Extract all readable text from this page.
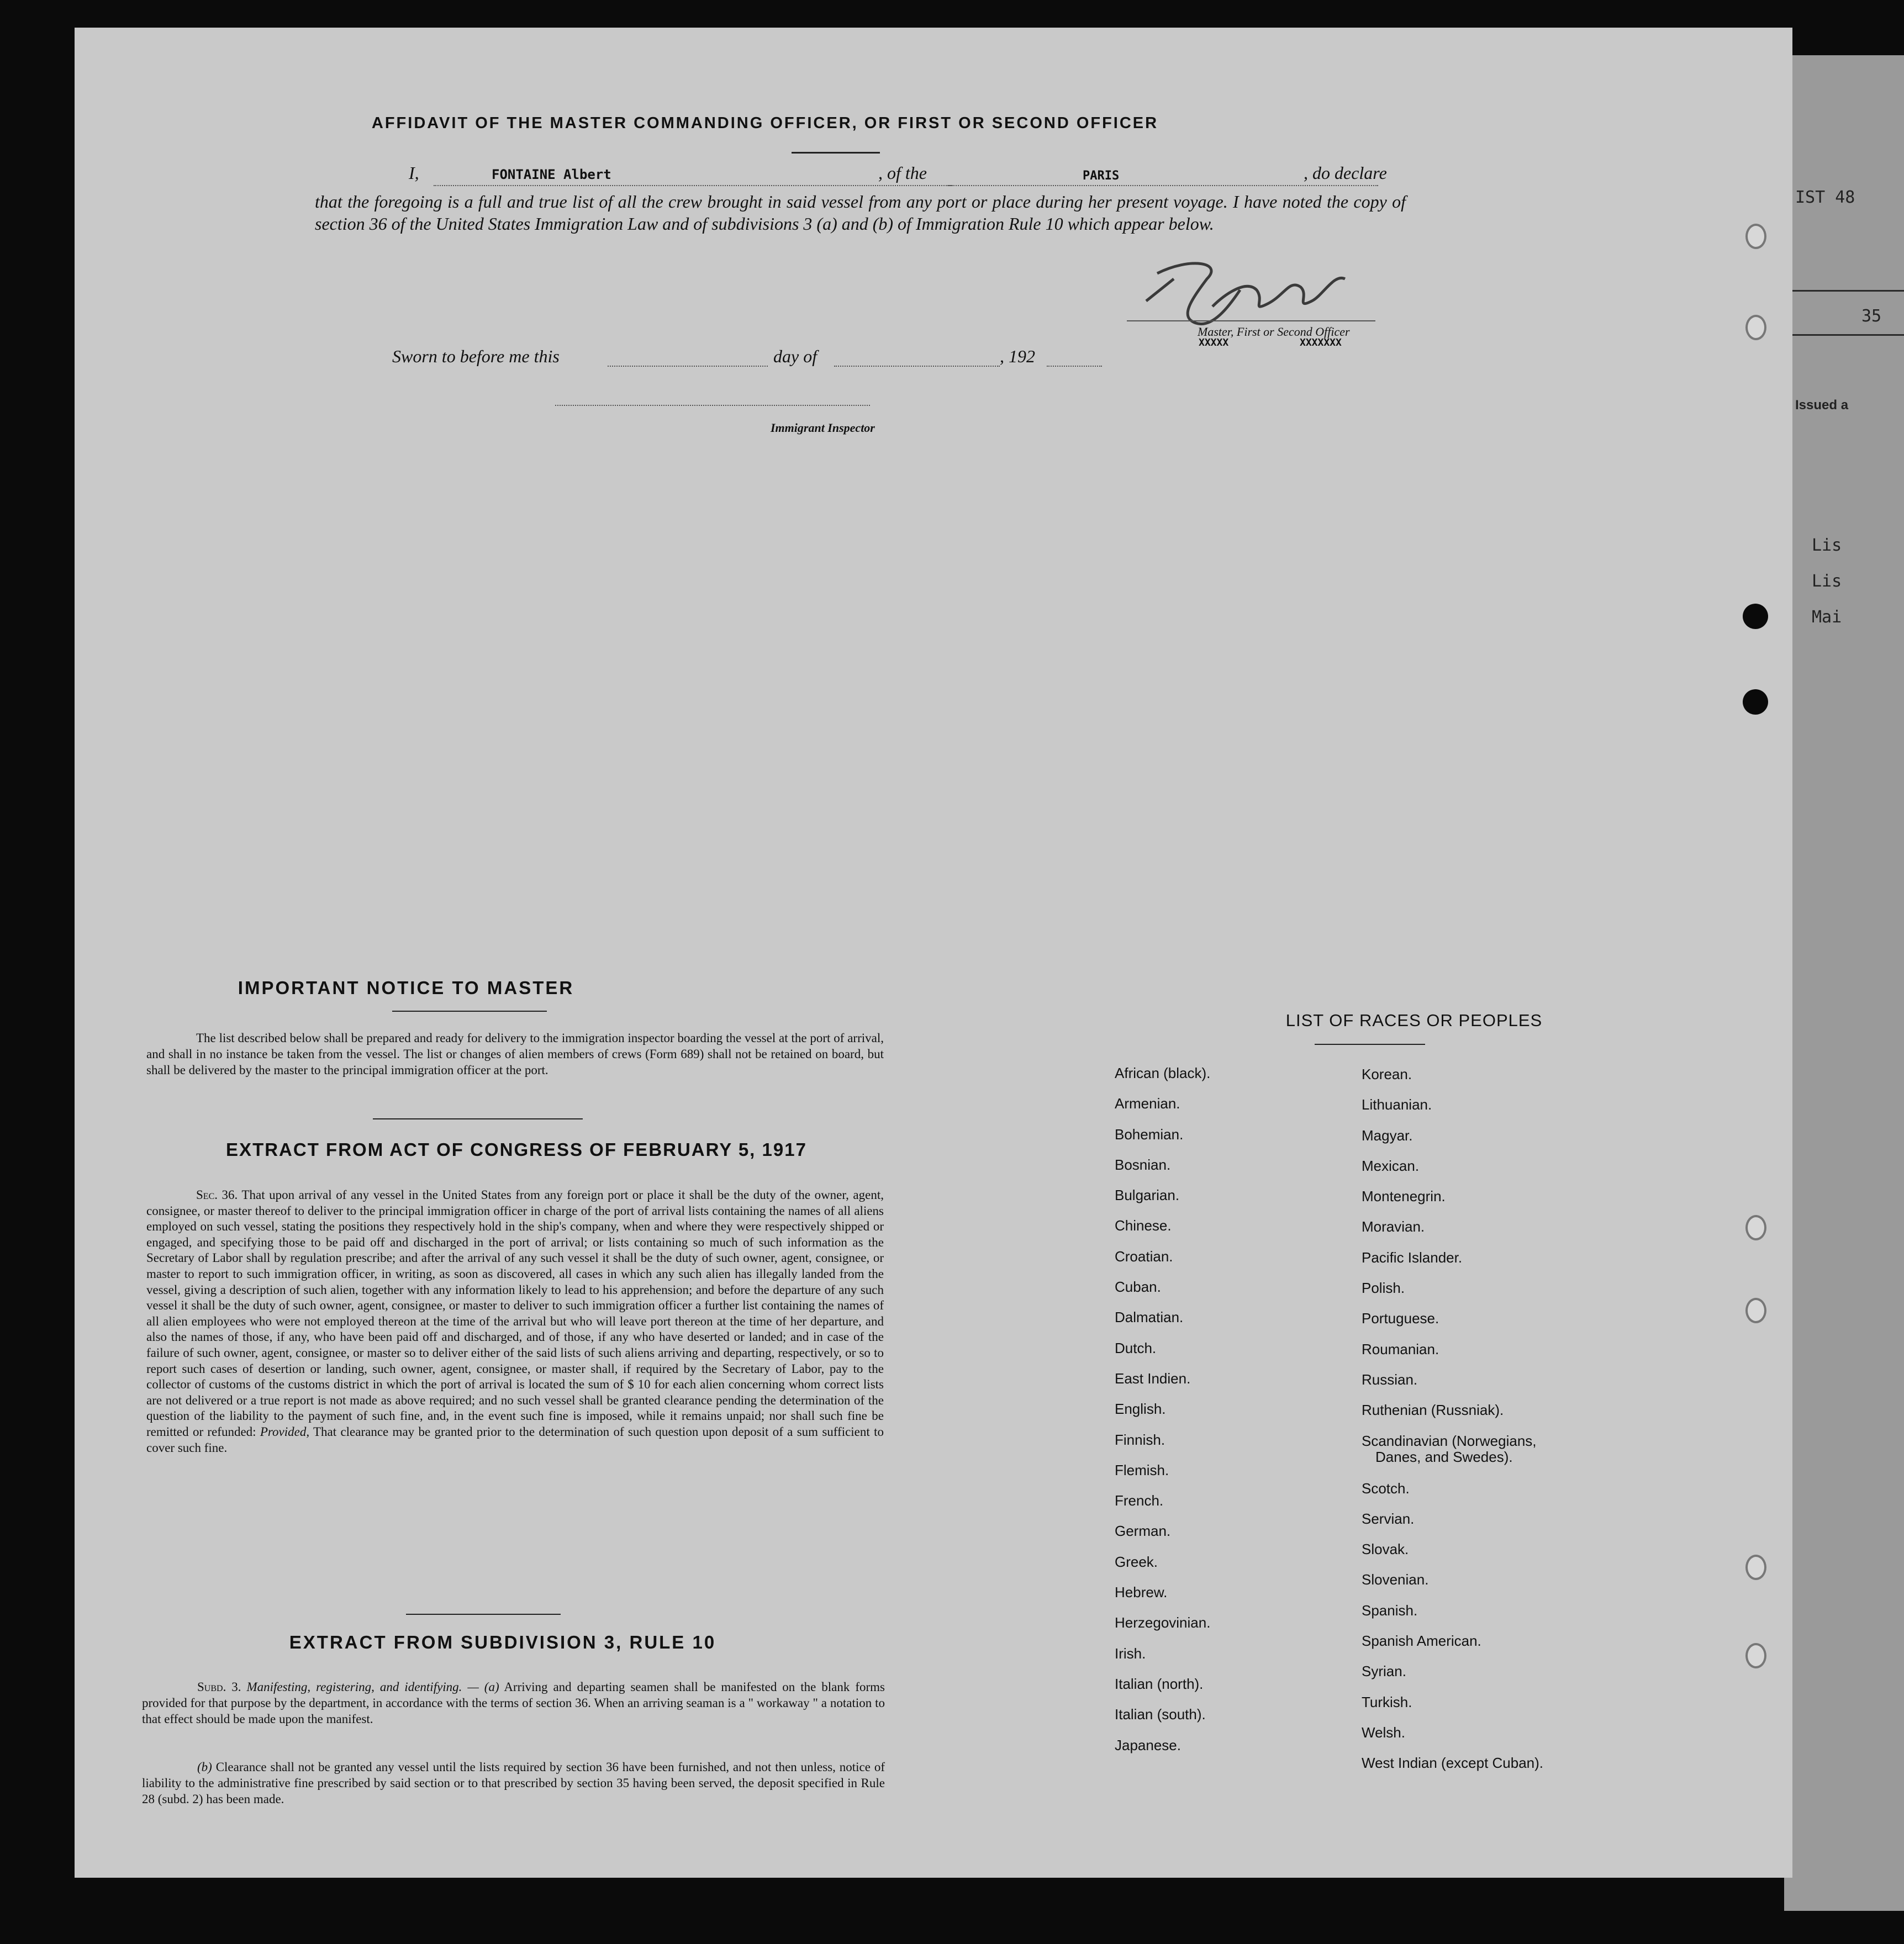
IST 48
35
Issued a
Lis
Lis
Mai
AFFIDAVIT OF THE MASTER COMMANDING OFFICER, OR FIRST OR SECOND OFFICER
I,	FONTAINE Albert	, of the	PARIS	, do declare
that the foregoing is a full and true list of all the crew brought in said vessel from any port or place during her present voyage. I have noted the copy of section 36 of the United States Immigration Law and of subdivisions 3 (a) and (b) of Immigration Rule 10 which appear below.
Master, First or Second Officer
XXXXX	XXXXXXX
Sworn to before me this	day of	, 192
Immigrant Inspector
IMPORTANT NOTICE TO MASTER
The list described below shall be prepared and ready for delivery to the immigration inspector boarding the vessel at the port of arrival, and shall in no instance be taken from the vessel. The list or changes of alien members of crews (Form 689) shall not be retained on board, but shall be delivered by the master to the principal immigration officer at the port.
EXTRACT FROM ACT OF CONGRESS OF FEBRUARY 5, 1917
Sec. 36. That upon arrival of any vessel in the United States from any foreign port or place it shall be the duty of the owner, agent, consignee, or master thereof to deliver to the principal immigration officer in charge of the port of arrival lists containing the names of all aliens employed on such vessel, stating the positions they respectively hold in the ship's company, when and where they were respectively shipped or engaged, and specifying those to be paid off and discharged in the port of arrival; or lists containing so much of such information as the Secretary of Labor shall by regulation prescribe; and after the arrival of any such vessel it shall be the duty of such owner, agent, consignee, or master to report to such immigration officer, in writing, as soon as discovered, all cases in which any such alien has illegally landed from the vessel, giving a description of such alien, together with any information likely to lead to his apprehension; and before the departure of any such vessel it shall be the duty of such owner, agent, consignee, or master to deliver to such immigration officer a further list containing the names of all alien employees who were not employed thereon at the time of the arrival but who will leave port thereon at the time of her departure, and also the names of those, if any, who have been paid off and discharged, and of those, if any who have deserted or landed; and in case of the failure of such owner, agent, consignee, or master so to deliver either of the said lists of such aliens arriving and departing, respectively, or so to report such cases of desertion or landing, such owner, agent, consignee, or master shall, if required by the Secretary of Labor, pay to the collector of customs of the customs district in which the port of arrival is located the sum of $ 10 for each alien concerning whom correct lists are not delivered or a true report is not made as above required; and no such vessel shall be granted clearance pending the determination of the question of the liability to the payment of such fine, and, in the event such fine is imposed, while it remains unpaid; nor shall such fine be remitted or refunded: Provided, That clearance may be granted prior to the determination of such question upon deposit of a sum sufficient to cover such fine.
EXTRACT FROM SUBDIVISION 3, RULE 10
Subd. 3. Manifesting, registering, and identifying. — (a) Arriving and departing seamen shall be manifested on the blank forms provided for that purpose by the department, in accordance with the terms of section 36. When an arriving seaman is a " workaway " a notation to that effect should be made upon the manifest.
(b) Clearance shall not be granted any vessel until the lists required by section 36 have been furnished, and not then unless, notice of liability to the administrative fine prescribed by said section or to that prescribed by section 35 having been served, the deposit specified in Rule 28 (subd. 2) has been made.
LIST OF RACES OR PEOPLES
African (black).
Armenian.
Bohemian.
Bosnian.
Bulgarian.
Chinese.
Croatian.
Cuban.
Dalmatian.
Dutch.
East Indien.
English.
Finnish.
Flemish.
French.
German.
Greek.
Hebrew.
Herzegovinian.
Irish.
Italian (north).
Italian (south).
Japanese.
Korean.
Lithuanian.
Magyar.
Mexican.
Montenegrin.
Moravian.
Pacific Islander.
Polish.
Portuguese.
Roumanian.
Russian.
Ruthenian (Russniak).
Scandinavian (Norwegians,
Danes, and Swedes).
Scotch.
Servian.
Slovak.
Slovenian.
Spanish.
Spanish American.
Syrian.
Turkish.
Welsh.
West Indian (except Cuban).
